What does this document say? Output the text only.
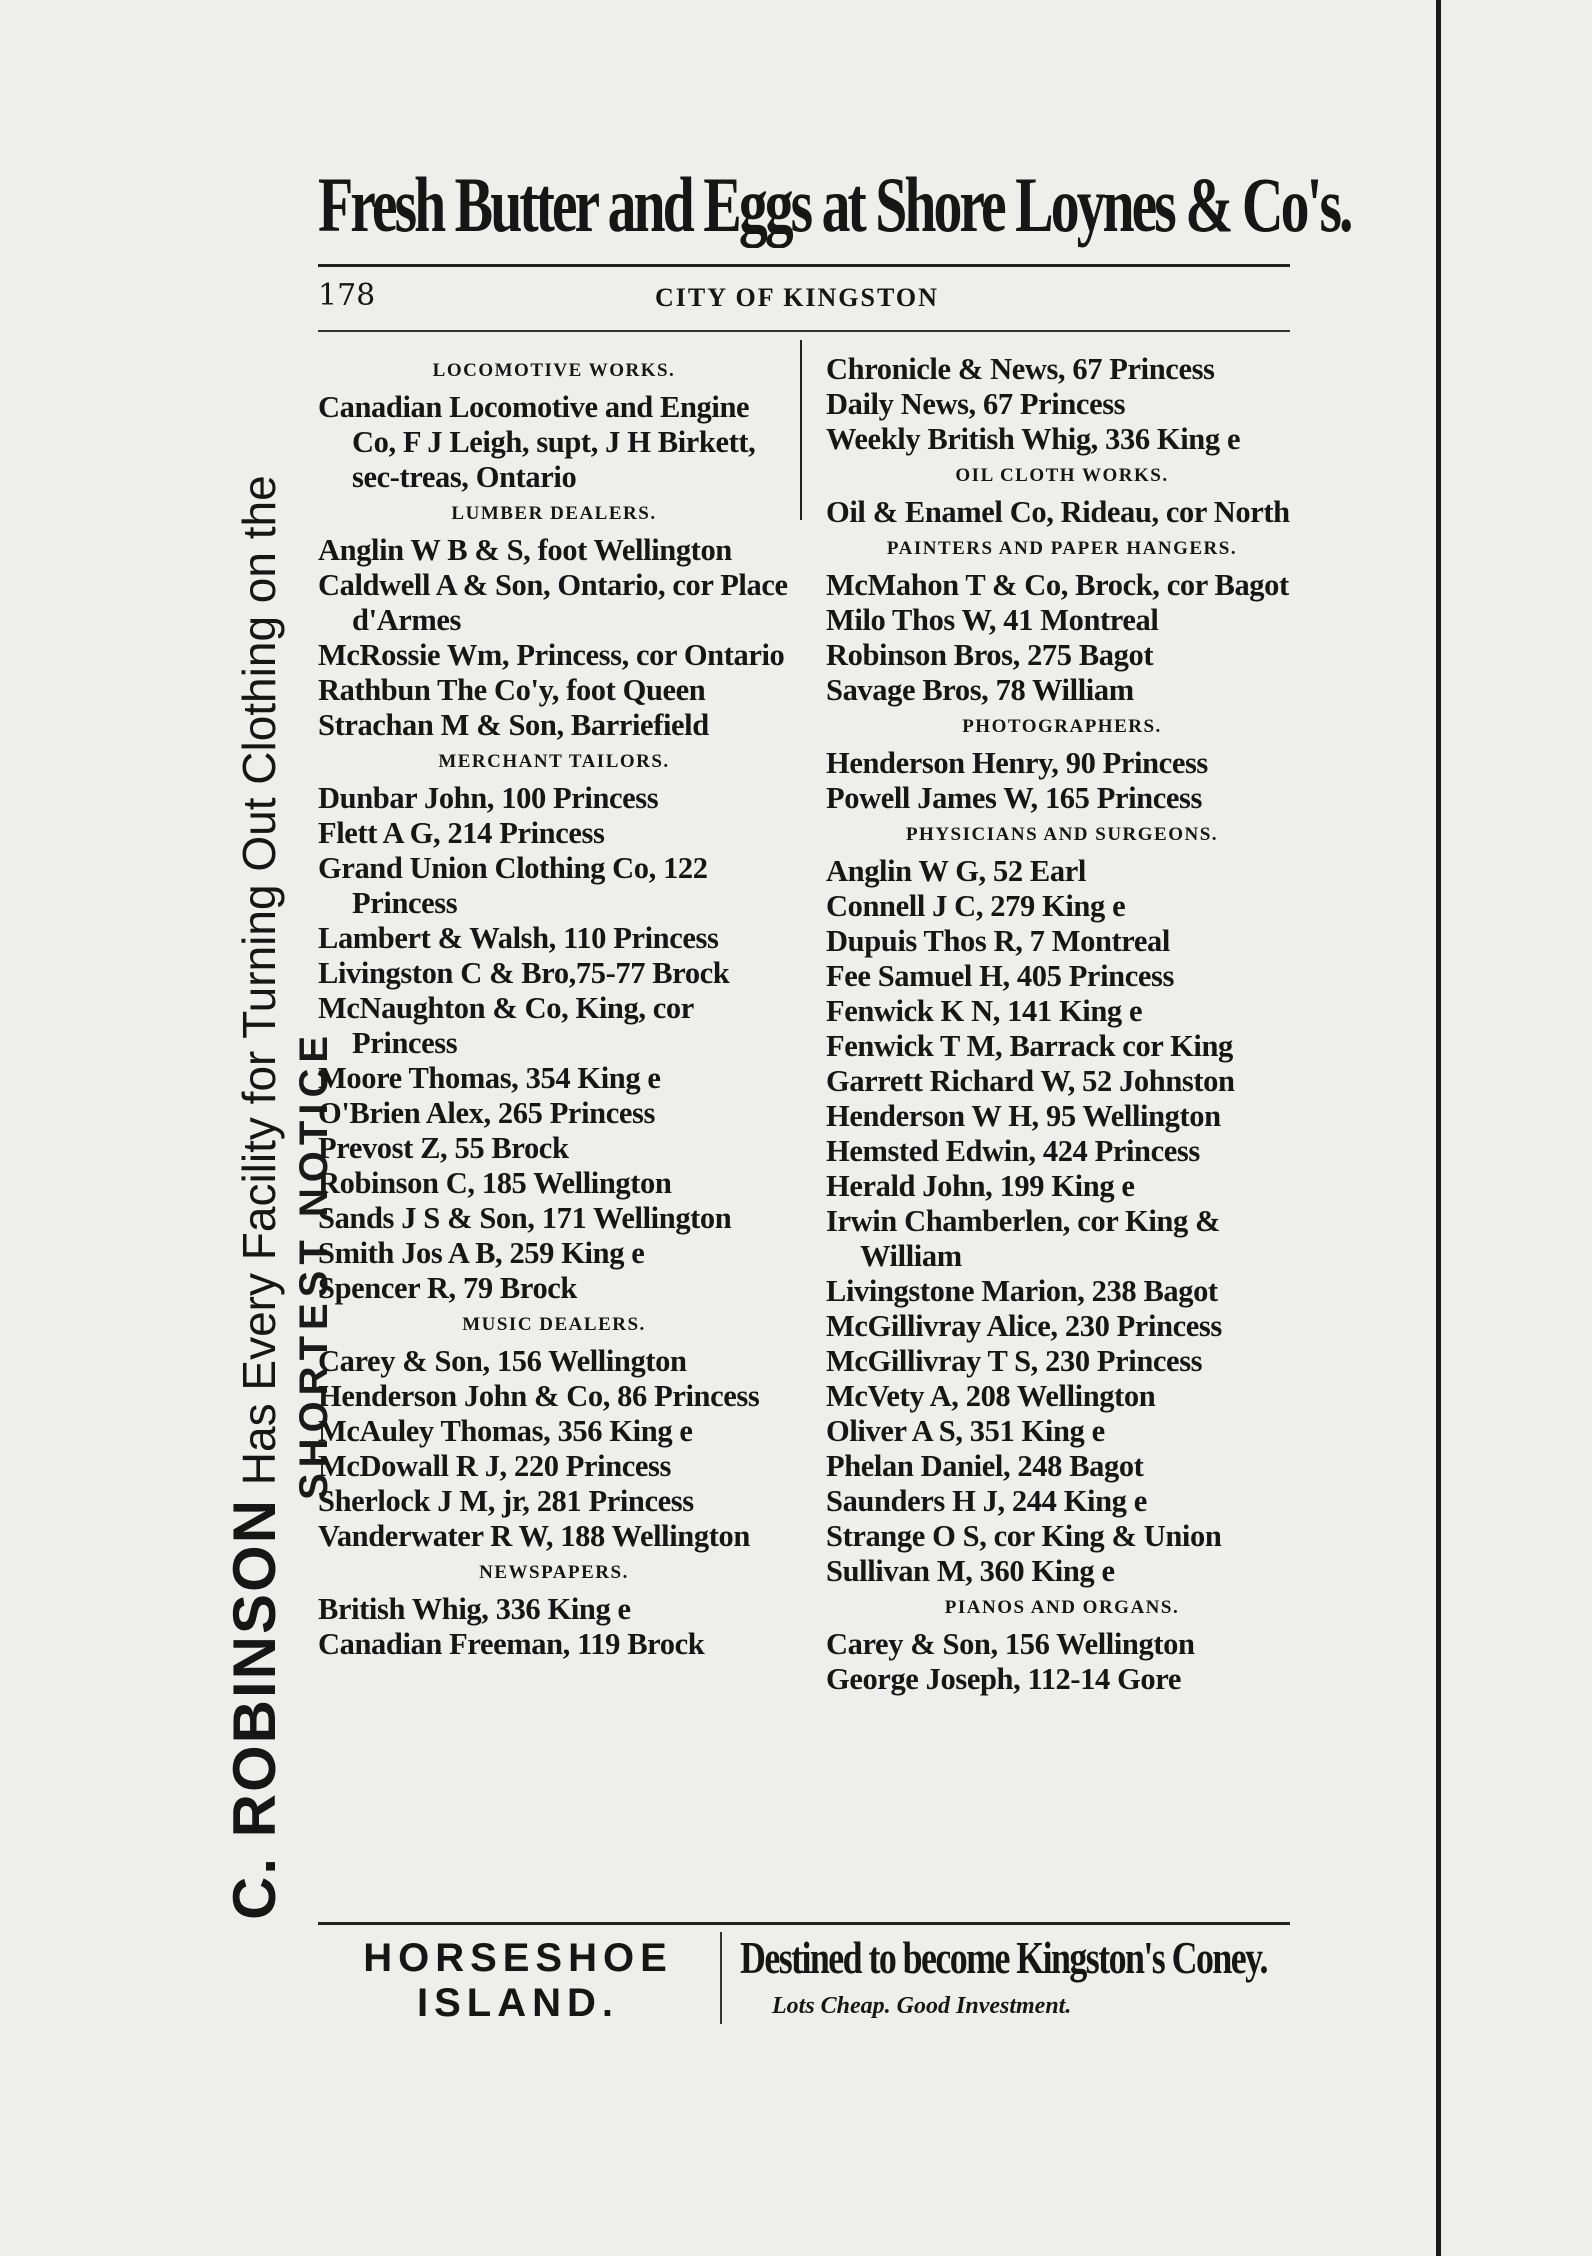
Fresh Butter and Eggs at Shore Loynes & Co's.
178	CITY OF KINGSTON
C. ROBINSON Has Every Facility for Turning Out Clothing on the SHORTEST NOTICE
LOCOMOTIVE WORKS.
Canadian Locomotive and Engine Co, F J Leigh, supt, J H Birkett, sec-treas, Ontario
LUMBER DEALERS.
Anglin W B & S, foot Wellington
Caldwell A & Son, Ontario, cor Place d'Armes
McRossie Wm, Princess, cor Ontario
Rathbun The Co'y, foot Queen
Strachan M & Son, Barriefield
MERCHANT TAILORS.
Dunbar John, 100 Princess
Flett A G, 214 Princess
Grand Union Clothing Co, 122 Princess
Lambert & Walsh, 110 Princess
Livingston C & Bro,75-77 Brock
McNaughton & Co, King, cor Princess
Moore Thomas, 354 King e
O'Brien Alex, 265 Princess
Prevost Z, 55 Brock
Robinson C, 185 Wellington
Sands J S & Son, 171 Wellington
Smith Jos A B, 259 King e
Spencer R, 79 Brock
MUSIC DEALERS.
Carey & Son, 156 Wellington
Henderson John & Co, 86 Princess
McAuley Thomas, 356 King e
McDowall R J, 220 Princess
Sherlock J M, jr, 281 Princess
Vanderwater R W, 188 Wellington
NEWSPAPERS.
British Whig, 336 King e
Canadian Freeman, 119 Brock
Chronicle & News, 67 Princess
Daily News, 67 Princess
Weekly British Whig, 336 King e
OIL CLOTH WORKS.
Oil & Enamel Co, Rideau, cor North
PAINTERS AND PAPER HANGERS.
McMahon T & Co, Brock, cor Bagot
Milo Thos W, 41 Montreal
Robinson Bros, 275 Bagot
Savage Bros, 78 William
PHOTOGRAPHERS.
Henderson Henry, 90 Princess
Powell James W, 165 Princess
PHYSICIANS AND SURGEONS.
Anglin W G, 52 Earl
Connell J C, 279 King e
Dupuis Thos R, 7 Montreal
Fee Samuel H, 405 Princess
Fenwick K N, 141 King e
Fenwick T M, Barrack cor King
Garrett Richard W, 52 Johnston
Henderson W H, 95 Wellington
Hemsted Edwin, 424 Princess
Herald John, 199 King e
Irwin Chamberlen, cor King & William
Livingstone Marion, 238 Bagot
McGillivray Alice, 230 Princess
McGillivray T S, 230 Princess
McVety A, 208 Wellington
Oliver A S, 351 King e
Phelan Daniel, 248 Bagot
Saunders H J, 244 King e
Strange O S, cor King & Union
Sullivan M, 360 King e
PIANOS AND ORGANS.
Carey & Son, 156 Wellington
George Joseph, 112-14 Gore
HORSESHOE
ISLAND.
Destined to become Kingston's Coney.
Lots Cheap. Good Investment.
